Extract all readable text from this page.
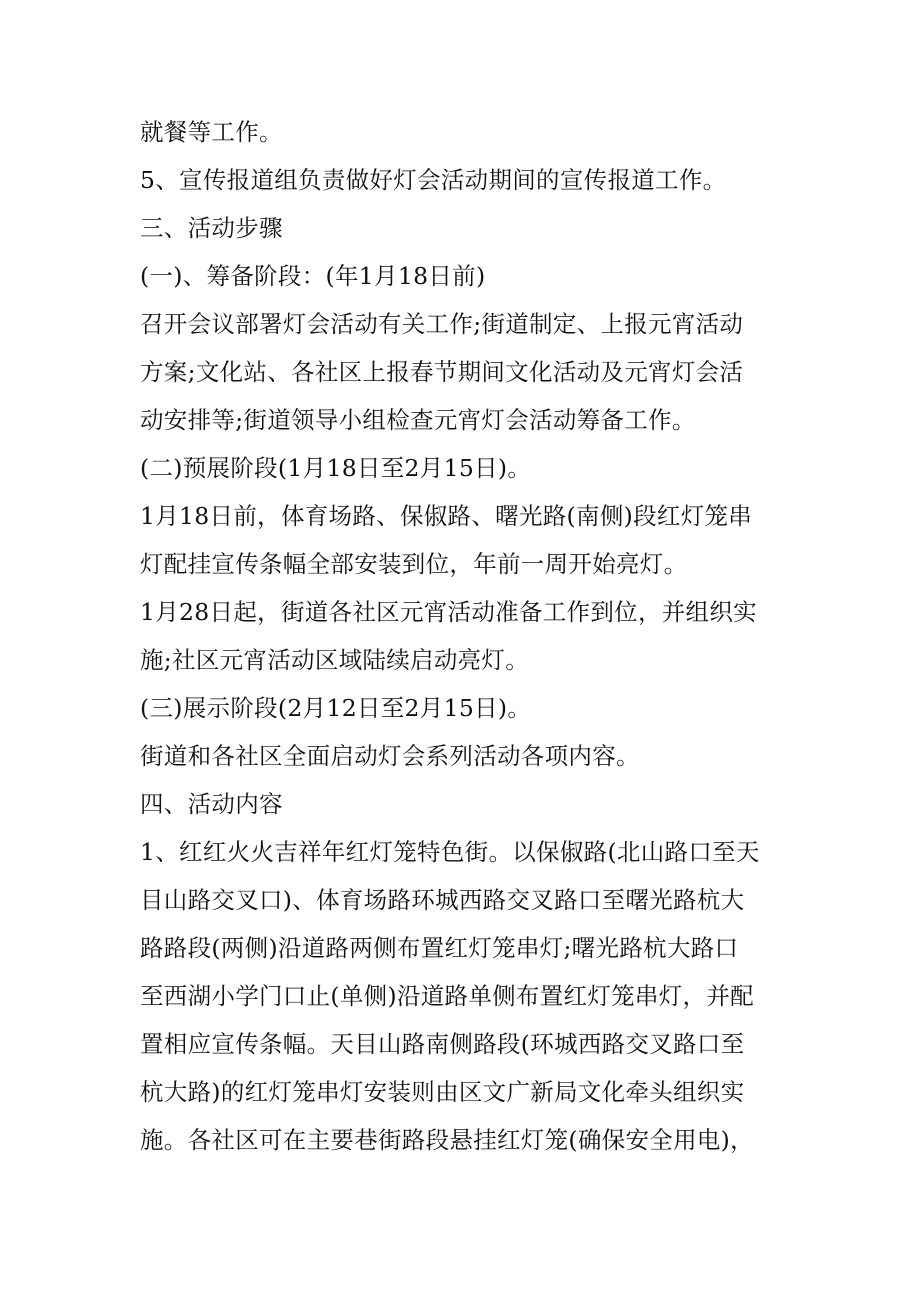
就餐等工作。
5、宣传报道组负责做好灯会活动期间的宣传报道工作。
三、活动步骤
(一)、筹备阶段：(年1月18日前)
召开会议部署灯会活动有关工作;街道制定、上报元宵活动
方案;文化站、各社区上报春节期间文化活动及元宵灯会活
动安排等;街道领导小组检查元宵灯会活动筹备工作。
(二)预展阶段(1月18日至2月15日)。
1月18日前，体育场路、保俶路、曙光路(南侧)段红灯笼串
灯配挂宣传条幅全部安装到位，年前一周开始亮灯。
1月28日起，街道各社区元宵活动准备工作到位，并组织实
施;社区元宵活动区域陆续启动亮灯。
(三)展示阶段(2月12日至2月15日)。
街道和各社区全面启动灯会系列活动各项内容。
四、活动内容
1、红红火火吉祥年红灯笼特色街。以保俶路(北山路口至天
目山路交叉口)、体育场路环城西路交叉路口至曙光路杭大
路路段(两侧)沿道路两侧布置红灯笼串灯;曙光路杭大路口
至西湖小学门口止(单侧)沿道路单侧布置红灯笼串灯，并配
置相应宣传条幅。天目山路南侧路段(环城西路交叉路口至
杭大路)的红灯笼串灯安装则由区文广新局文化牵头组织实
施。各社区可在主要巷街路段悬挂红灯笼(确保安全用电)，
